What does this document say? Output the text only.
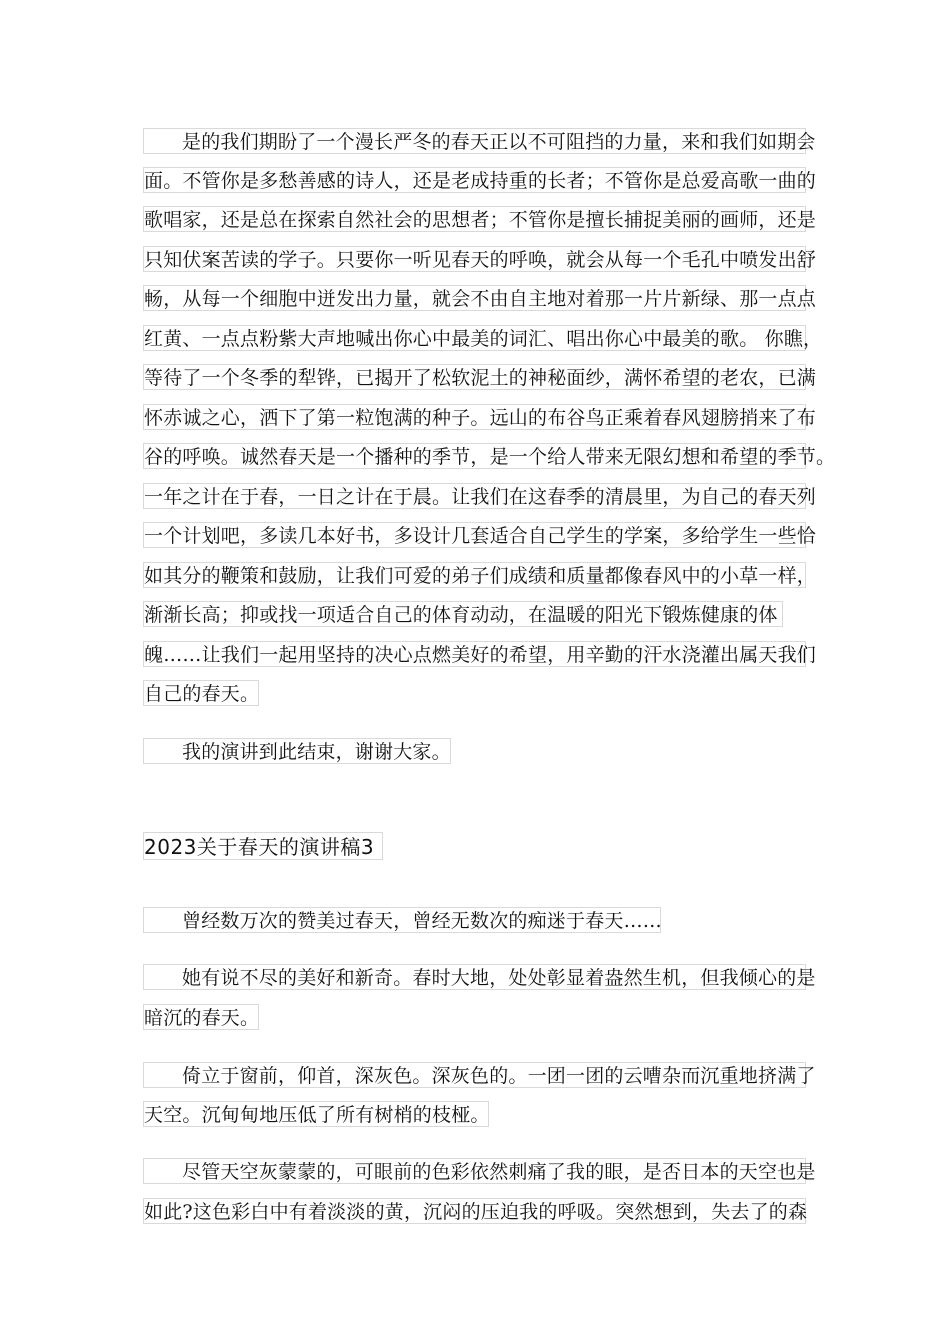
是的我们期盼了一个漫长严冬的春天正以不可阻挡的力量，来和我们如期会
面。不管你是多愁善感的诗人，还是老成持重的长者；不管你是总爱高歌一曲的
歌唱家，还是总在探索自然社会的思想者；不管你是擅长捕捉美丽的画师，还是
只知伏案苦读的学子。只要你一听见春天的呼唤，就会从每一个毛孔中喷发出舒
畅，从每一个细胞中迸发出力量，就会不由自主地对着那一片片新绿、那一点点
红黄、一点点粉紫大声地喊出你心中最美的词汇、唱出你心中最美的歌。 你瞧，
等待了一个冬季的犁铧，已揭开了松软泥土的神秘面纱，满怀希望的老农，已满
怀赤诚之心，洒下了第一粒饱满的种子。远山的布谷鸟正乘着春风翅膀捎来了布
谷的呼唤。诚然春天是一个播种的季节，是一个给人带来无限幻想和希望的季节。
一年之计在于春，一日之计在于晨。让我们在这春季的清晨里，为自己的春天列
一个计划吧，多读几本好书，多设计几套适合自己学生的学案，多给学生一些恰
如其分的鞭策和鼓励，让我们可爱的弟子们成绩和质量都像春风中的小草一样，
渐渐长高；抑或找一项适合自己的体育动动，在温暖的阳光下锻炼健康的体
魄……让我们一起用坚持的决心点燃美好的希望，用辛勤的汗水浇灌出属天我们
自己的春天。
我的演讲到此结束，谢谢大家。
2023关于春天的演讲稿3
曾经数万次的赞美过春天，曾经无数次的痴迷于春天……
她有说不尽的美好和新奇。春时大地，处处彰显着盎然生机，但我倾心的是
暗沉的春天。
倚立于窗前，仰首，深灰色。深灰色的。一团一团的云嘈杂而沉重地挤满了
天空。沉甸甸地压低了所有树梢的枝桠。
尽管天空灰蒙蒙的，可眼前的色彩依然刺痛了我的眼，是否日本的天空也是
如此?这色彩白中有着淡淡的黄，沉闷的压迫我的呼吸。突然想到，失去了的森
